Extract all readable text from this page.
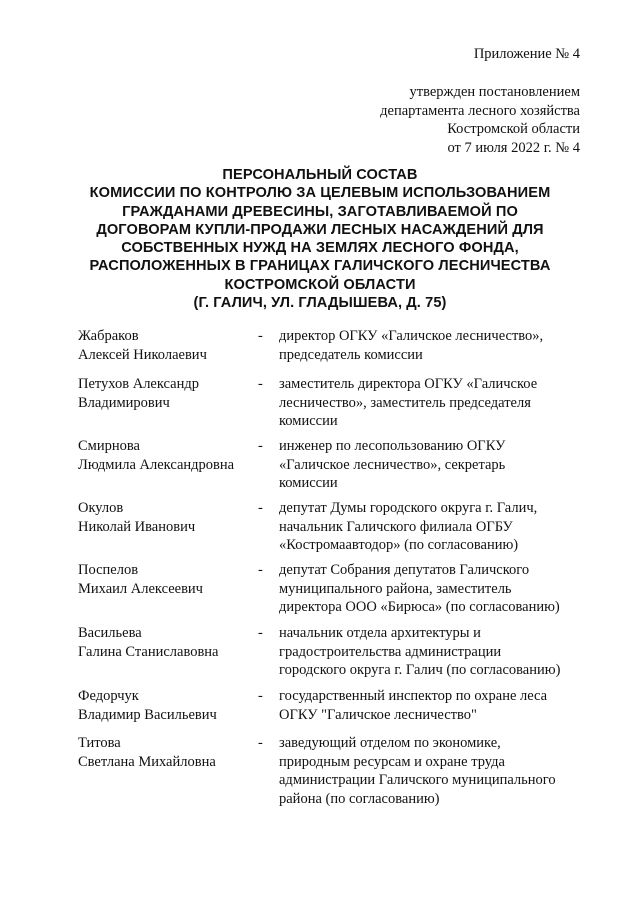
Приложение № 4
утвержден постановлением
департамента лесного хозяйства
Костромской области
от 7 июля 2022 г. № 4
ПЕРСОНАЛЬНЫЙ СОСТАВ
КОМИССИИ ПО КОНТРОЛЮ ЗА ЦЕЛЕВЫМ ИСПОЛЬЗОВАНИЕМ
ГРАЖДАНАМИ ДРЕВЕСИНЫ, ЗАГОТАВЛИВАЕМОЙ ПО
ДОГОВОРАМ КУПЛИ-ПРОДАЖИ ЛЕСНЫХ НАСАЖДЕНИЙ ДЛЯ
СОБСТВЕННЫХ НУЖД НА ЗЕМЛЯХ ЛЕСНОГО ФОНДА,
РАСПОЛОЖЕННЫХ В ГРАНИЦАХ ГАЛИЧСКОГО ЛЕСНИЧЕСТВА
КОСТРОМСКОЙ ОБЛАСТИ
(Г. ГАЛИЧ, УЛ. ГЛАДЫШЕВА, Д. 75)
Жабраков
Алексей Николаевич
- директор ОГКУ «Галичское лесничество»,
председатель комиссии
Петухов Александр
Владимирович
- заместитель директора ОГКУ «Галичское
лесничество», заместитель председателя
комиссии
Смирнова
Людмила Александровна
- инженер по лесопользованию ОГКУ
«Галичское лесничество», секретарь
комиссии
Окулов
Николай Иванович
- депутат Думы городского округа г. Галич,
начальник Галичского филиала ОГБУ
«Костромаавтодор» (по согласованию)
Поспелов
Михаил Алексеевич
- депутат Собрания депутатов Галичского
муниципального района, заместитель
директора ООО «Бирюса» (по согласованию)
Васильева
Галина Станиславовна
- начальник отдела архитектуры и
градостроительства администрации
городского округа г. Галич (по согласованию)
Федорчук
Владимир Васильевич
- государственный инспектор по охране леса
ОГКУ "Галичское лесничество"
Титова
Светлана Михайловна
- заведующий отделом по экономике,
природным ресурсам и охране труда
администрации Галичского муниципального
района (по согласованию)
